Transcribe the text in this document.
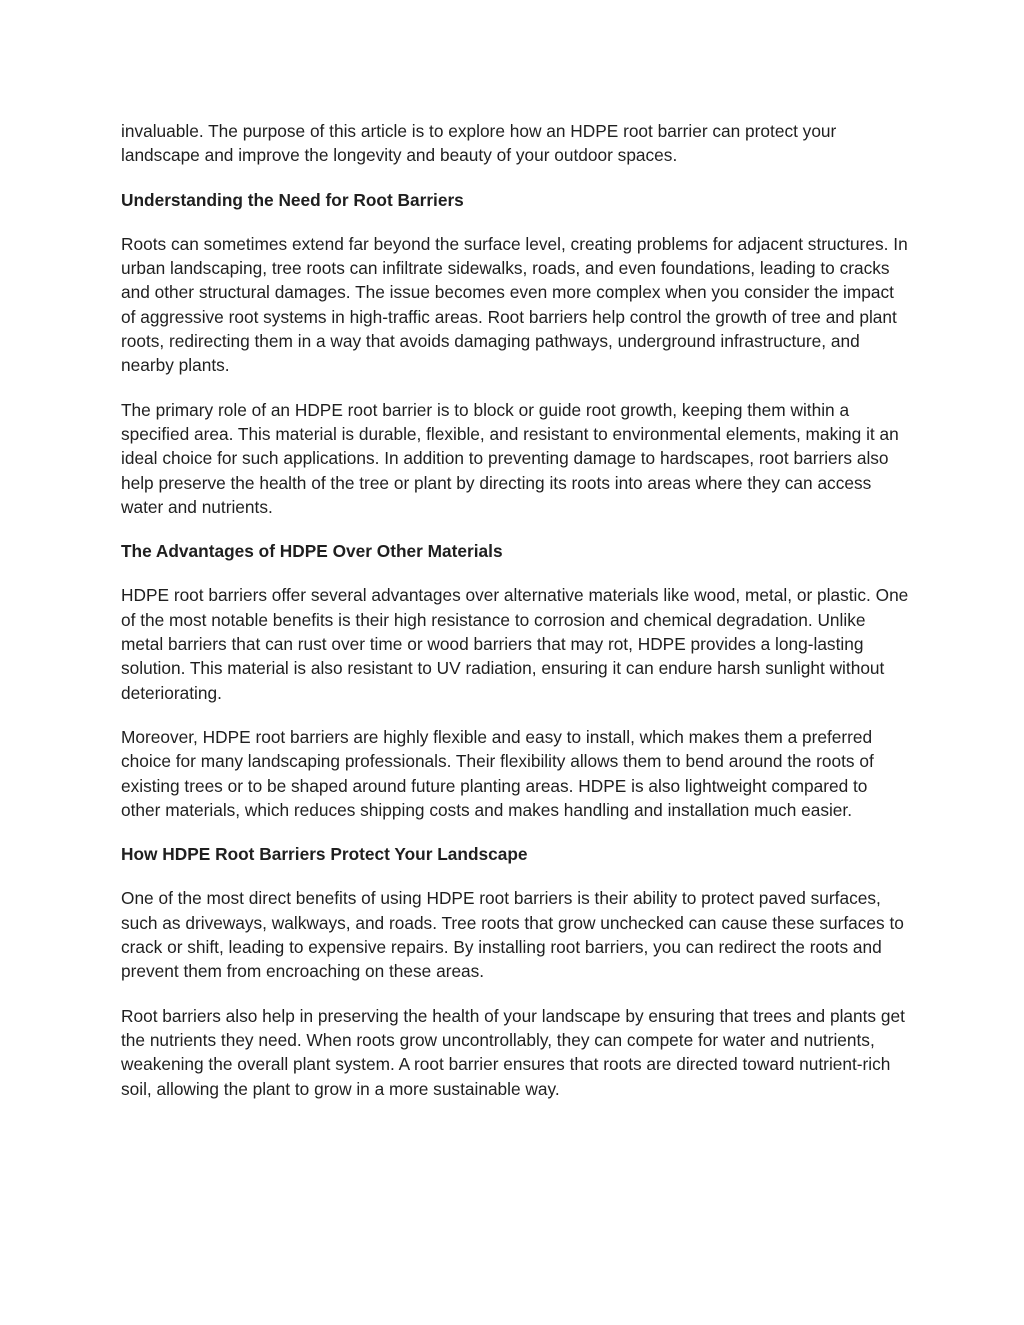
invaluable. The purpose of this article is to explore how an HDPE root barrier can protect your landscape and improve the longevity and beauty of your outdoor spaces.

Understanding the Need for Root Barriers

Roots can sometimes extend far beyond the surface level, creating problems for adjacent structures. In urban landscaping, tree roots can infiltrate sidewalks, roads, and even foundations, leading to cracks and other structural damages. The issue becomes even more complex when you consider the impact of aggressive root systems in high-traffic areas. Root barriers help control the growth of tree and plant roots, redirecting them in a way that avoids damaging pathways, underground infrastructure, and nearby plants.

The primary role of an HDPE root barrier is to block or guide root growth, keeping them within a specified area. This material is durable, flexible, and resistant to environmental elements, making it an ideal choice for such applications. In addition to preventing damage to hardscapes, root barriers also help preserve the health of the tree or plant by directing its roots into areas where they can access water and nutrients.

The Advantages of HDPE Over Other Materials

HDPE root barriers offer several advantages over alternative materials like wood, metal, or plastic. One of the most notable benefits is their high resistance to corrosion and chemical degradation. Unlike metal barriers that can rust over time or wood barriers that may rot, HDPE provides a long-lasting solution. This material is also resistant to UV radiation, ensuring it can endure harsh sunlight without deteriorating.

Moreover, HDPE root barriers are highly flexible and easy to install, which makes them a preferred choice for many landscaping professionals. Their flexibility allows them to bend around the roots of existing trees or to be shaped around future planting areas. HDPE is also lightweight compared to other materials, which reduces shipping costs and makes handling and installation much easier.

How HDPE Root Barriers Protect Your Landscape

One of the most direct benefits of using HDPE root barriers is their ability to protect paved surfaces, such as driveways, walkways, and roads. Tree roots that grow unchecked can cause these surfaces to crack or shift, leading to expensive repairs. By installing root barriers, you can redirect the roots and prevent them from encroaching on these areas.

Root barriers also help in preserving the health of your landscape by ensuring that trees and plants get the nutrients they need. When roots grow uncontrollably, they can compete for water and nutrients, weakening the overall plant system. A root barrier ensures that roots are directed toward nutrient-rich soil, allowing the plant to grow in a more sustainable way.
